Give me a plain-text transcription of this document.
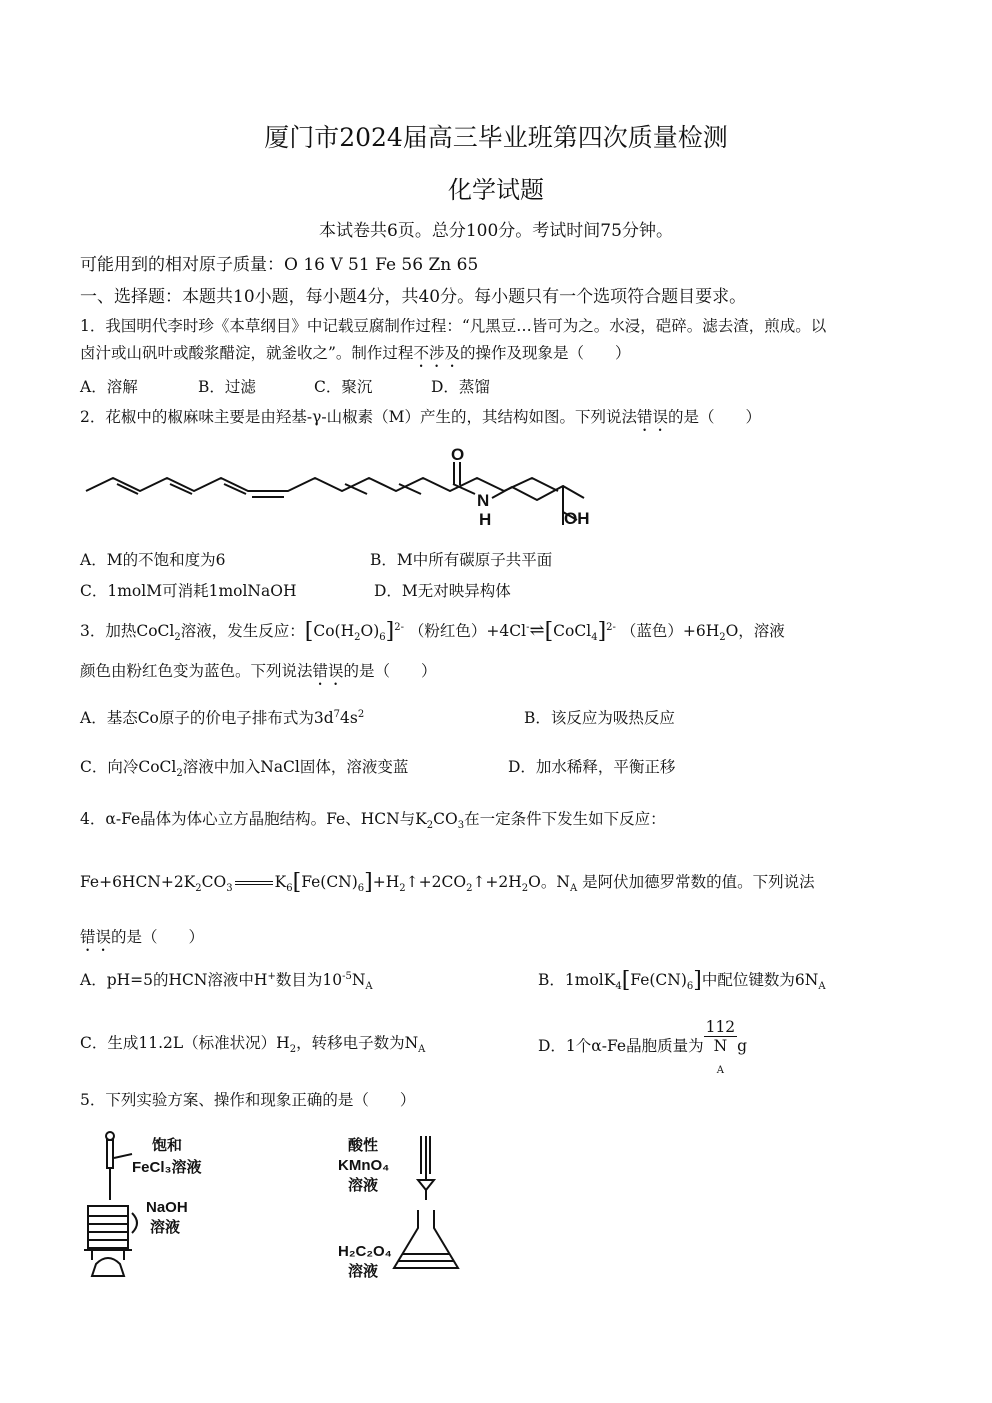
厦门市2024届高三毕业班第四次质量检测
化学试题
本试卷共6页。总分100分。考试时间75分钟。
可能用到的相对原子质量：O 16 V 51 Fe 56 Zn 65
一、选择题：本题共10小题，每小题4分，共40分。每小题只有一个选项符合题目要求。
1．我国明代李时珍《本草纲目》中记载豆腐制作过程：“凡黑豆…皆可为之。水浸，硙碎。滤去渣，煎成。以
卤汁或山矾叶或酸浆醋淀，就釜收之”。制作过程不涉及的操作及现象是（　　）
A．溶解	B．过滤	C．聚沉	D．蒸馏
2．花椒中的椒麻味主要是由羟基-γ-山椒素（M）产生的，其结构如图。下列说法错误的是（　　）
O
N
H	OH
A．M的不饱和度为6	B．M中所有碳原子共平面
C．1molM可消耗1molNaOH	D．M无对映异构体
3．加热CoCl$_2$溶液，发生反应：$[Co(H_2O)_6]^{2-}$ （粉红色）+4Cl-⇌[CoCl$_4$]$^{2-}$ （蓝色）$+6H_2O$，溶液
颜色由粉红色变为蓝色。下列说法错误的是（　　）
A．基态Co原子的价电子排布式为$3d^74s^2$	B．该反应为吸热反应
C．向冷CoCl$_2$溶液中加入NaCl固体，溶液变蓝	D．加水稀释，平衡正移
4．α-Fe晶体为体心立方晶胞结构。Fe、HCN与$K_2CO_3$在一定条件下发生如下反应：
$Fe+6HCN+2K_2CO_3$	$K_6[Fe(CN)_6]+H_2↑+2CO_2↑+2H_2O$。$N_A$ 是阿伏加德罗常数的值。下列说法
错误的是（　　）
A．pH=5的HCN溶液中H+数目为$10^{-5}N_A$	B．$1molK_4[Fe(CN)_6]$中配位键数为$6N_A$
C．生成11.2L（标准状况）$H_2$，转移电子数为$N_A$	D．1个α-Fe晶胞质量为 112
N
$_A$ g
5．下列实验方案、操作和现象正确的是（　　）
饱和
FeCl₃溶液
NaOH
溶液
酸性
KMnO₄
溶液
H₂C₂O₄
溶液
